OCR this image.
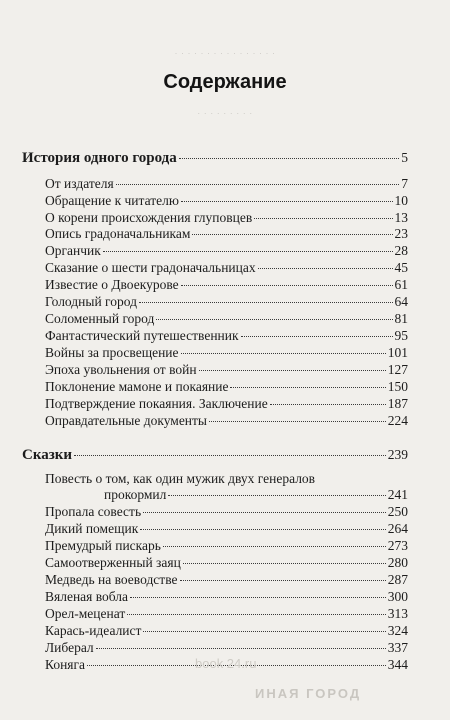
· · · · · · · · · · · · · · · ·
· · · · · · · · ·
Содержание
История одного города	5
От издателя	7
Обращение к читателю	10
О корени происхождения глуповцев	13
Опись градоначальникам	23
Органчик	28
Сказание о шести градоначальницах	45
Известие о Двоекурове	61
Голодный город	64
Соломенный город	81
Фантастический путешественник	95
Войны за просвещение	101
Эпоха увольнения от войн	127
Поклонение мамоне и покаяние	150
Подтверждение покаяния. Заключение	187
Оправдательные документы	224
Сказки	239
Повесть о том, как один мужик двух генералов
прокормил	241
Пропала совесть	250
Дикий помещик	264
Премудрый пискарь	273
Самоотверженный заяц	280
Медведь на воеводстве	287
Вяленая вобла	300
Орел-меценат	313
Карась-идеалист	324
Либерал	337
Коняга	344
book 24.ru
ИНАЯ ГОРОД
